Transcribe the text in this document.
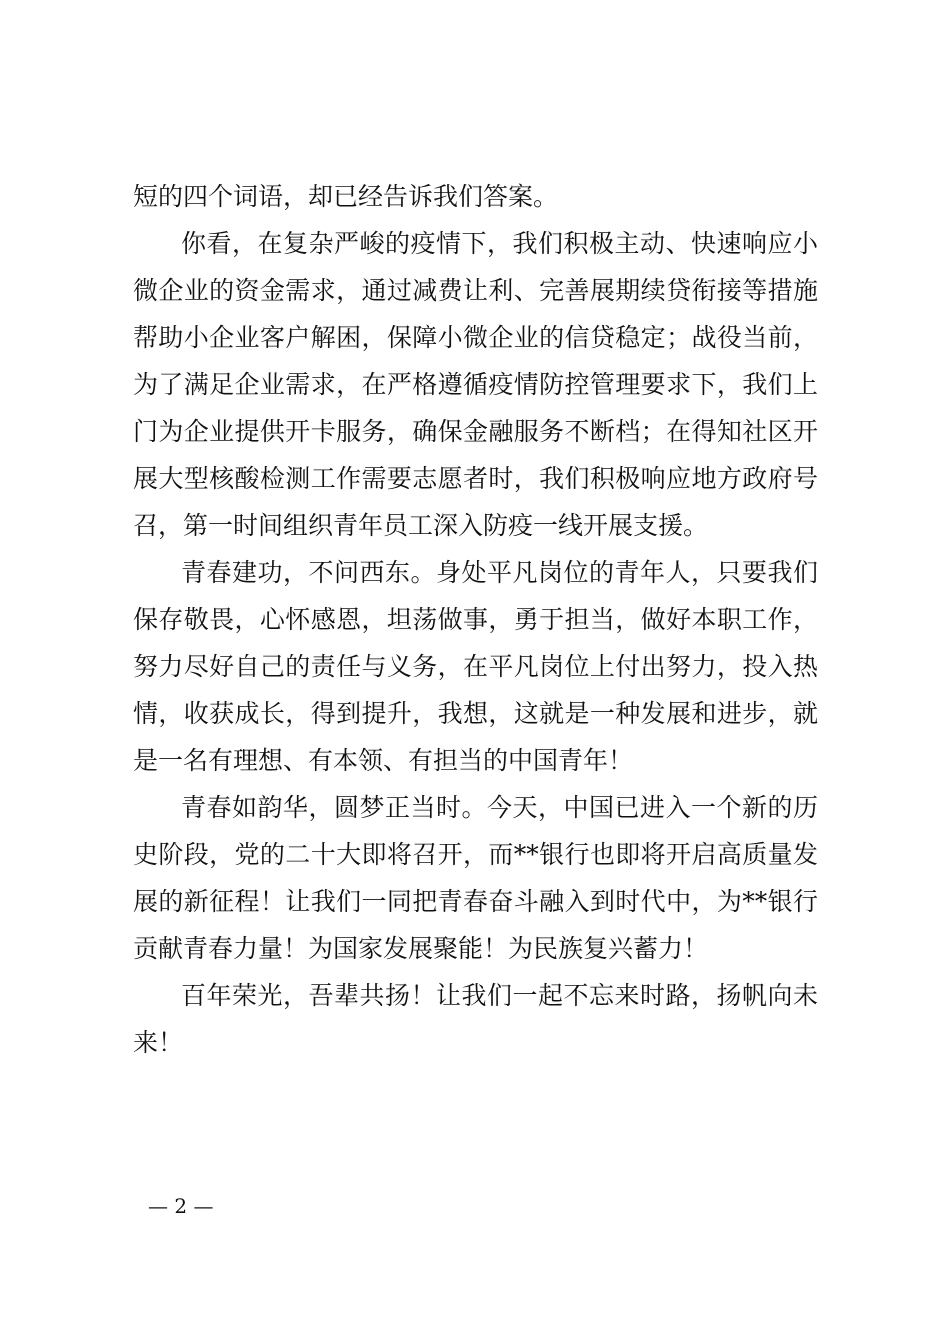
短的四个词语，却已经告诉我们答案。
你看，在复杂严峻的疫情下，我们积极主动、快速响应小
微企业的资金需求，通过减费让利、完善展期续贷衔接等措施
帮助小企业客户解困，保障小微企业的信贷稳定；战役当前，
为了满足企业需求，在严格遵循疫情防控管理要求下，我们上
门为企业提供开卡服务，确保金融服务不断档；在得知社区开
展大型核酸检测工作需要志愿者时，我们积极响应地方政府号
召，第一时间组织青年员工深入防疫一线开展支援。
青春建功，不问西东。身处平凡岗位的青年人，只要我们
保存敬畏，心怀感恩，坦荡做事，勇于担当，做好本职工作，
努力尽好自己的责任与义务，在平凡岗位上付出努力，投入热
情，收获成长，得到提升，我想，这就是一种发展和进步，就
是一名有理想、有本领、有担当的中国青年！
青春如韵华，圆梦正当时。今天，中国已进入一个新的历
史阶段，党的二十大即将召开，而**银行也即将开启高质量发
展的新征程！让我们一同把青春奋斗融入到时代中，为**银行
贡献青春力量！为国家发展聚能！为民族复兴蓄力！
百年荣光，吾辈共扬！让我们一起不忘来时路，扬帆向未
来！
— 2 —
